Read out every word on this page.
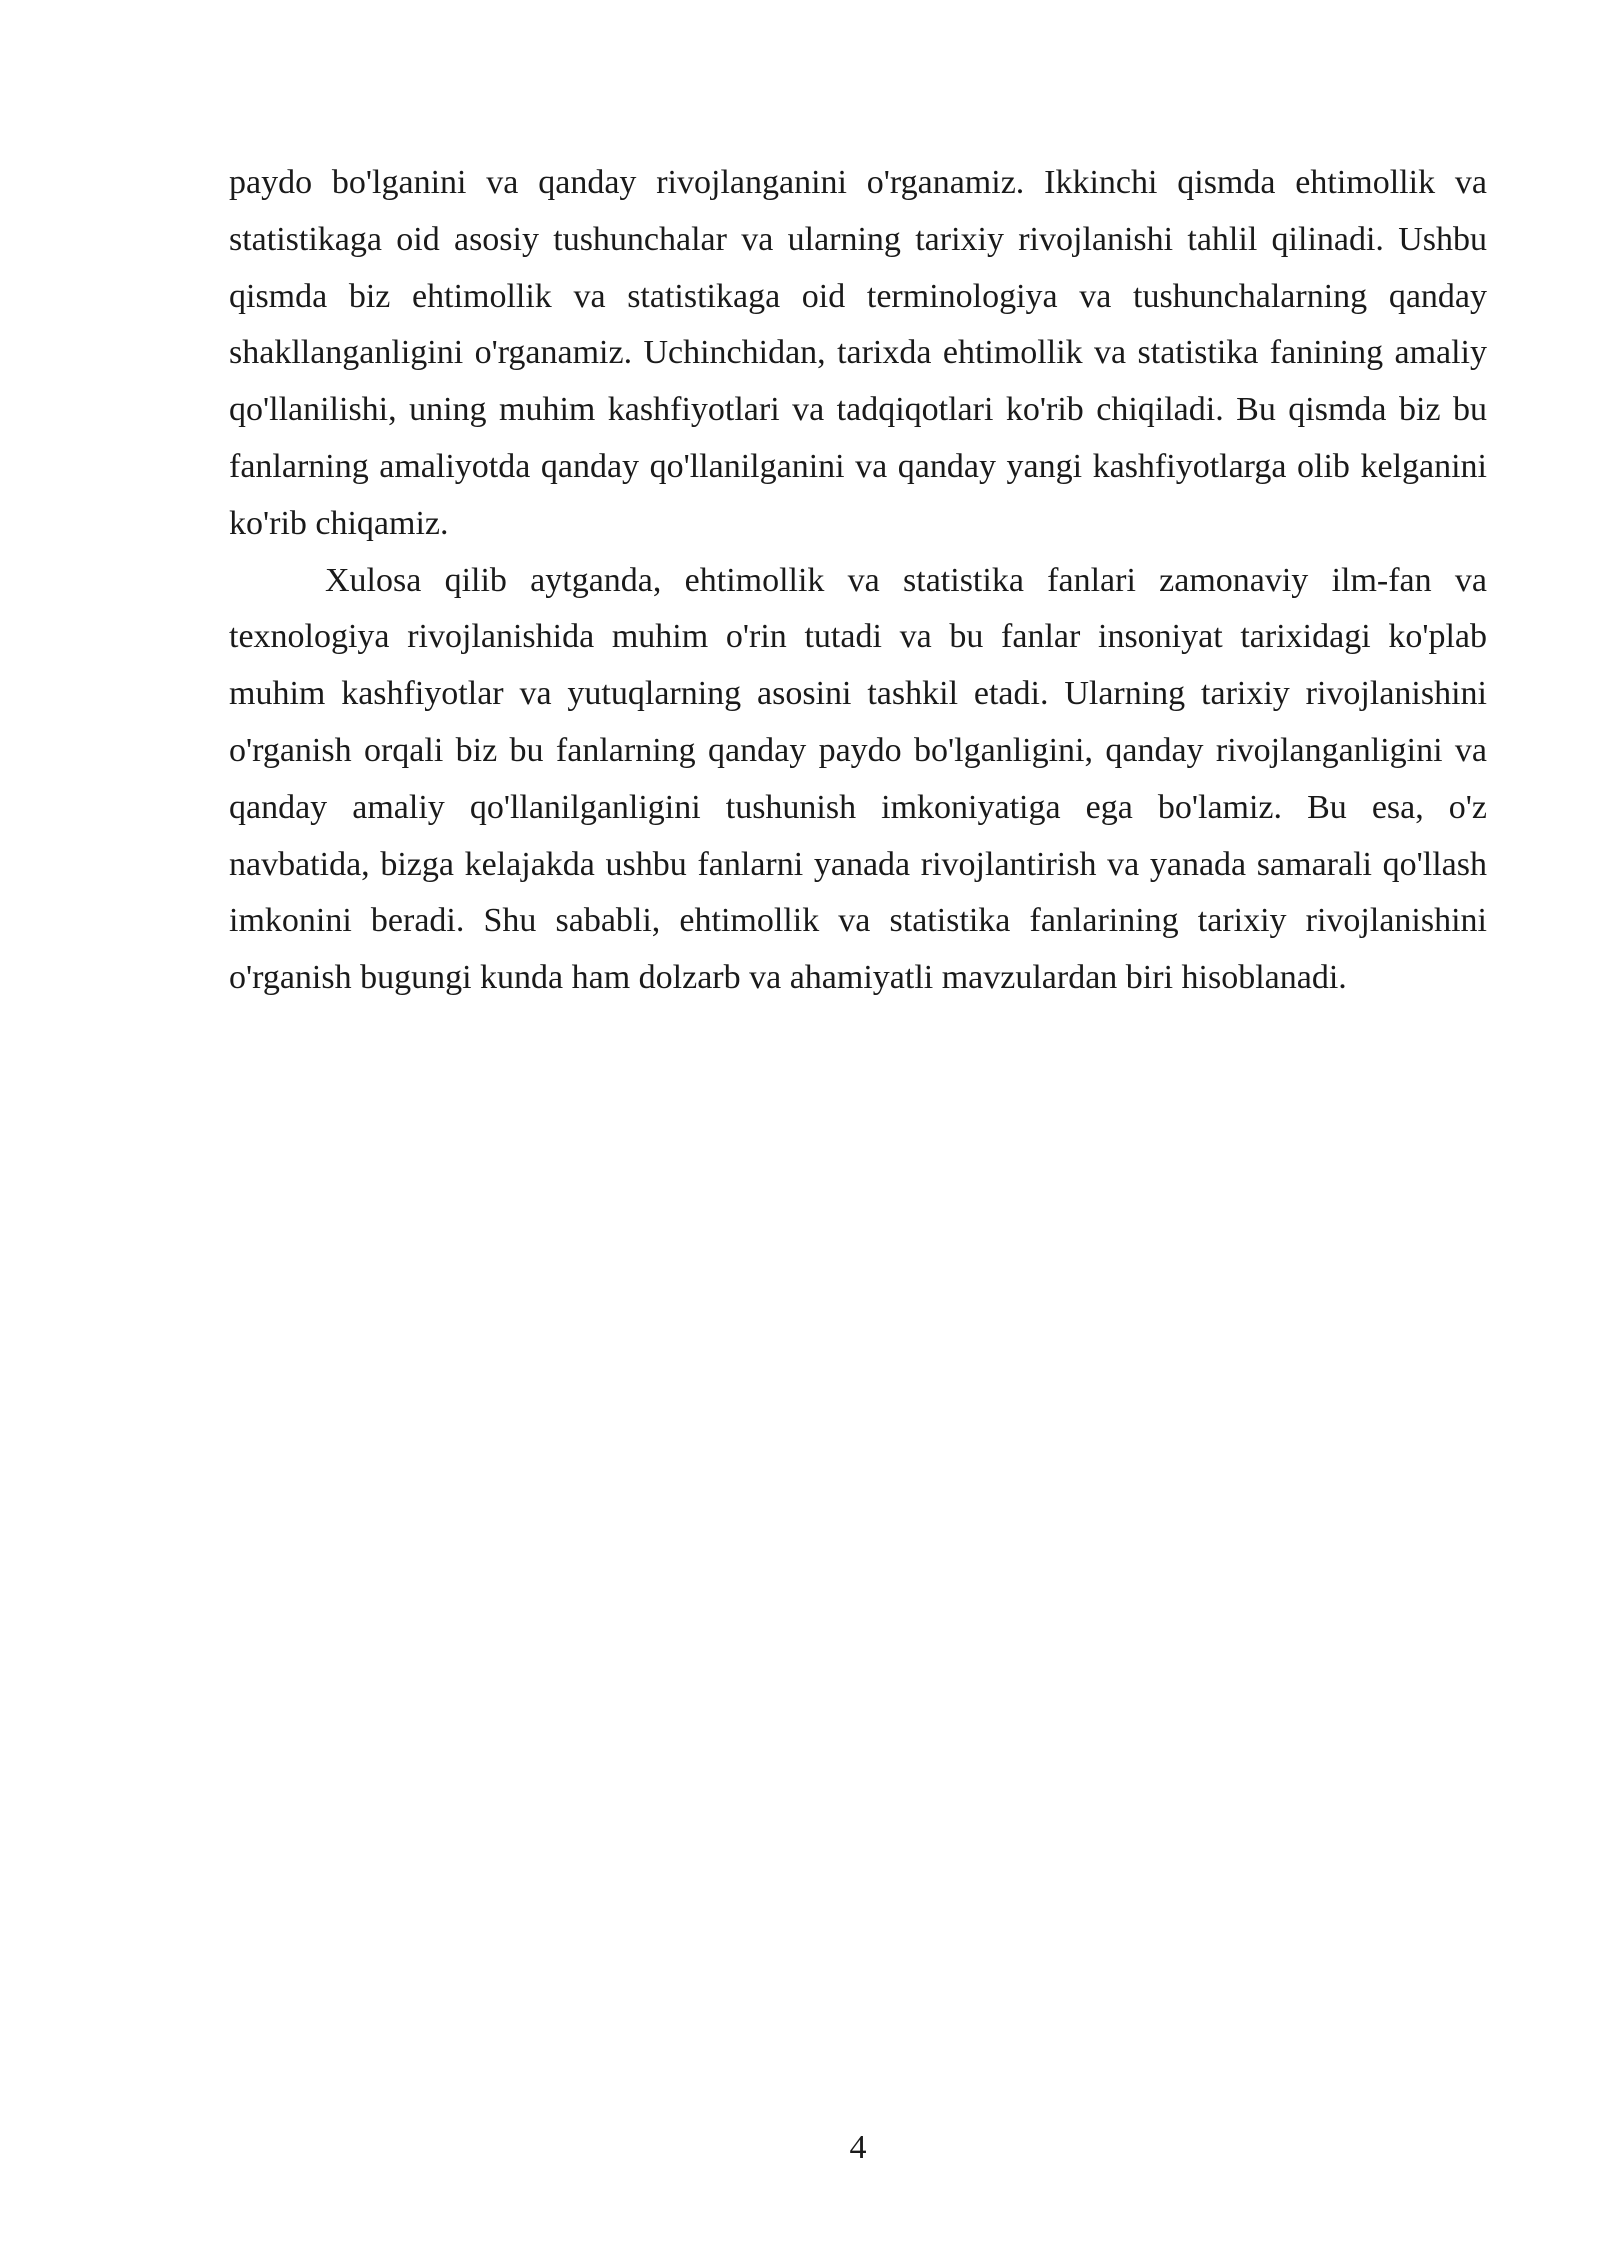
paydo bo'lganini va qanday rivojlanganini o'rganamiz. Ikkinchi qismda ehtimollik va statistikaga oid asosiy tushunchalar va ularning tarixiy rivojlanishi tahlil qilinadi. Ushbu qismda biz ehtimollik va statistikaga oid terminologiya va tushunchalarning qanday shakllanganligini o'rganamiz. Uchinchidan, tarixda ehtimollik va statistika fanining amaliy qo'llanilishi, uning muhim kashfiyotlari va tadqiqotlari ko'rib chiqiladi. Bu qismda biz bu fanlarning amaliyotda qanday qo'llanilganini va qanday yangi kashfiyotlarga olib kelganini ko'rib chiqamiz.

Xulosa qilib aytganda, ehtimollik va statistika fanlari zamonaviy ilm-fan va texnologiya rivojlanishida muhim o'rin tutadi va bu fanlar insoniyat tarixidagi ko'plab muhim kashfiyotlar va yutuqlarning asosini tashkil etadi. Ularning tarixiy rivojlanishini o'rganish orqali biz bu fanlarning qanday paydo bo'lganligini, qanday rivojlanganligini va qanday amaliy qo'llanilganligini tushunish imkoniyatiga ega bo'lamiz. Bu esa, o'z navbatida, bizga kelajakda ushbu fanlarni yanada rivojlantirish va yanada samarali qo'llash imkonini beradi. Shu sababli, ehtimollik va statistika fanlarining tarixiy rivojlanishini o'rganish bugungi kunda ham dolzarb va ahamiyatli mavzulardan biri hisoblanadi.

4
